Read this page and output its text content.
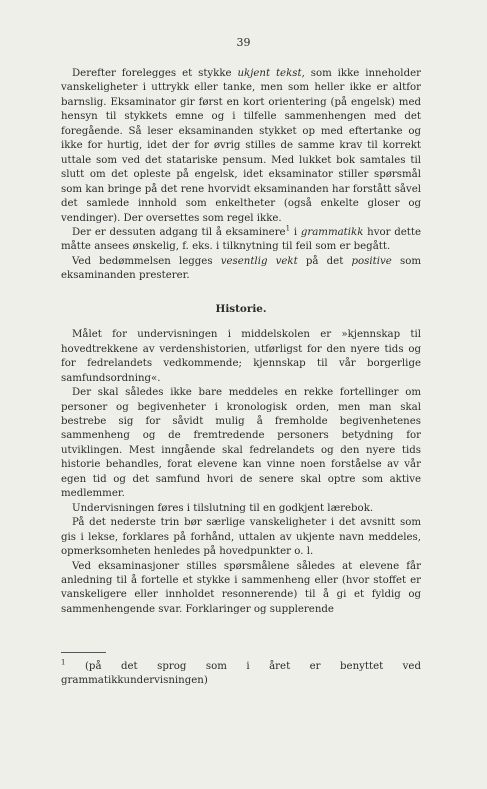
39

Derefter forelegges et stykke ukjent tekst, som ikke inneholder vanskeligheter i uttrykk eller tanke, men som heller ikke er altfor barnslig. Eksaminator gir først en kort orientering (på engelsk) med hensyn til stykkets emne og i tilfelle sammenhengen med det foregående. Så leser eksaminanden stykket op med eftertanke og ikke for hurtig, idet der for øvrig stilles de samme krav til korrekt uttale som ved det statariske pensum. Med lukket bok samtales til slutt om det opleste på engelsk, idet eksaminator stiller spørsmål som kan bringe på det rene hvorvidt eksaminanden har forstått såvel det samlede innhold som enkeltheter (også enkelte gloser og vendinger). Der oversettes som regel ikke.

Der er dessuten adgang til å eksaminere$^1$ i grammatikk hvor dette måtte ansees ønskelig, f. eks. i tilknytning til feil som er begått.

Ved bedømmelsen legges vesentlig vekt på det positive som eksaminanden presterer.

Historie.

Målet for undervisningen i middelskolen er »kjennskap til hovedtrekkene av verdenshistorien, utførligst for den nyere tids og for fedrelandets vedkommende; kjennskap til vår borgerlige samfundsordning«.

Der skal således ikke bare meddeles en rekke fortellinger om personer og begivenheter i kronologisk orden, men man skal bestrebe sig for såvidt mulig å fremholde begivenhetenes sammenheng og de fremtredende personers betydning for utviklingen. Mest inngående skal fedrelandets og den nyere tids historie behandles, forat elevene kan vinne noen forståelse av vår egen tid og det samfund hvori de senere skal optre som aktive medlemmer.

Undervisningen føres i tilslutning til en godkjent lærebok.

På det nederste trin bør særlige vanskeligheter i det avsnitt som gis i lekse, forklares på forhånd, uttalen av ukjente navn meddeles, opmerksomheten henledes på hovedpunkter o. l.

Ved eksaminasjoner stilles spørsmålene således at elevene får anledning til å fortelle et stykke i sammenheng eller (hvor stoffet er vanskeligere eller innholdet resonnerende) til å gi et fyldig og sammenhengende svar. Forklaringer og supplerende

$^1$ (på det sprog som i året er benyttet ved grammatikkundervisningen)
